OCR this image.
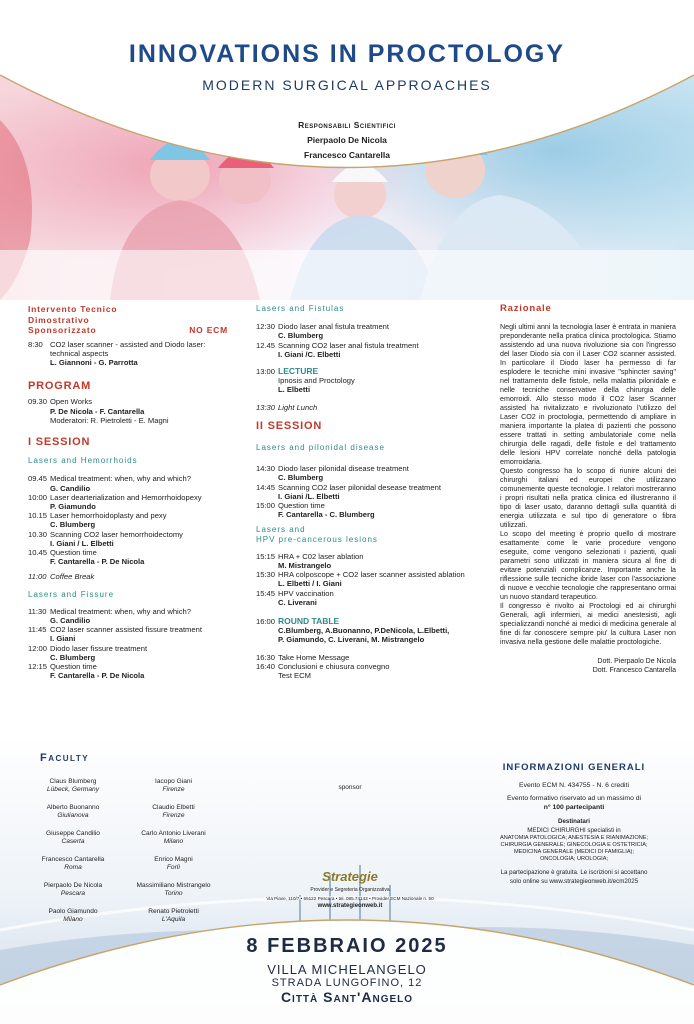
INNOVATIONS IN PROCTOLOGY
MODERN SURGICAL APPROACHES
Responsabili Scientifici
Pierpaolo De Nicola
Francesco Cantarella
Intervento Tecnico
Dimostrativo
Sponsorizzato	NO ECM
8:30 CO2 laser scanner - assisted and Diodo laser:
technical aspects
L. Giannoni - G. Parrotta
PROGRAM
09.30 Open Works
P. De Nicola - F. Cantarella
Moderatori: R. Pietroletti - E. Magni
I SESSION
Lasers and Hemorrhoids
09.45 Medical treatment: when, why and which?
G. Candilio
10:00 Laser dearterialization and Hemorrhoidopexy
P. Giamundo
10.15 Laser hemorrhoidoplasty and pexy
C. Blumberg
10.30 Scanning CO2 laser hemorrhoidectomy
I. Giani / L. Elbetti
10.45 Question time
F. Cantarella - P. De Nicola
11:00 Coffee Break
Lasers and Fissure
11:30 Medical treatment: when, why and which?
G. Candilio
11:45 CO2 laser scanner assisted fissure treatment
I. Giani
12:00 Diodo laser fissure treatment
C. Blumberg
12:15 Question time
F. Cantarella - P. De Nicola
Lasers and Fistulas
12:30 Diodo laser anal fistula treatment
C. Blumberg
12.45 Scanning CO2 laser anal fistula treatment
I. Giani /C. Elbetti
13:00 LECTURE
Ipnosis and Proctology
L. Elbetti
13:30 Light Lunch
II SESSION
Lasers and pilonidal disease
14:30 Diodo laser pilonidal disease treatment
C. Blumberg
14:45 Scanning CO2 laser pilonidal desease treatment
I. Giani /L. Elbetti
15:00 Question time
F. Cantarella - C. Blumberg
Lasers and
HPV pre-cancerous lesions
15:15 HRA + C02 laser ablation
M. Mistrangelo
15:30 HRA colposcope + CO2 laser scanner assisted ablation
L. Elbetti / I. Giani
15:45 HPV vaccination
C. Liverani
16:00 ROUND TABLE
C.Blumberg, A.Buonanno, P.DeNicola, L.Elbetti,
P. Giamundo, C. Liverani, M. Mistrangelo
16:30 Take Home Message
16:40 Conclusioni e chiusura convegno
Test ECM
Razionale
Negli ultimi anni la tecnologia laser è entrata in maniera preponderante nella pratica clinica proctologica. Stiamo assistendo ad una nuova rivoluzione sia con l'ingresso del laser Diodo sia con il Laser CO2 scanner assisted. In particolare il Diodo laser ha permesso di far esplodere le tecniche mini invasive "sphincter saving" nel trattamento delle fistole, nella malattia pilonidale e nelle tecniche conservative della chirurgia delle emorroidi. Allo stesso modo il CO2 laser Scanner assisted ha rivitalizzato e rivoluzionato l'utilizzo del Laser CO2 in proctologia, permettendo di ampliare in maniera importante la platea di pazienti che possono essere trattati in setting ambulatoriale come nella chirurgia delle ragadi, delle fistole e del trattamento delle lesioni HPV correlate nonché della patologia emorroidaria.
Questo congresso ha lo scopo di riunire alcuni dei chirurghi italiani ed europei che utilizzano comunemente queste tecnologie. I relatori mostreranno i propri risultati nella pratica clinica ed illustreranno il tipo di laser usato, daranno dettagli sulla quantità di energia utilizzata e sul tipo di generatore o fibra utilizzati.
Lo scopo del meeting è proprio quello di mostrare esattamente come le varie procedure vengono eseguite, come vengono selezionati i pazienti, quali parametri sono utilizzati in maniera sicura al fine di evitare potenziali complicanze. Importante anche la riflessione sulle tecniche ibride laser con l'associazione di nuove e vecchie tecnologie che rappresentano ormai un nuovo standard terapeutico.
Il congresso è rivolto ai Proctologi ed ai chirurghi Generali, agli infermieri, ai medici anestesisti, agli specializzandi nonché ai medici di medicina generale al fine di far conoscere sempre piu' la cultura Laser non invasiva nella gestione delle malattie proctologiche.
Dott. Pierpaolo De Nicola
Dott. Francesco Cantarella
Faculty
Claus Blumberg
Lübeck, Germany
Alberto Buonanno
Giulianova
Giuseppe Candilio
Caserta
Francesco Cantarella
Roma
Pierpaolo De Nicola
Pescara
Paolo Giamundo
Milano
Iacopo Giani
Firenze
Claudio Elbetti
Firenze
Carlo Antonio Liverani
Milano
Enrico Magni
Forlì
Massimiliano Mistrangelo
Torino
Renato Pietroletti
L'Aquila
sponsor
Strategie
Provider e Segreteria Organizzativa
Via Piave, 110/7 • 65122 Pescara • tel. 085.74143 • Provider ECM Nazionale n. 50
www.strategieonweb.it
INFORMAZIONI GENERALI
Evento ECM N. 434755 - N. 6 crediti
Evento formativo riservato ad un massimo di
n° 100 partecipanti
Destinatari
MEDICI CHIRURGHI specialisti in
ANATOMIA PATOLOGICA; ANESTESIA E RIANIMAZIONE;
CHIRURGIA GENERALE; GINECOLOGIA E OSTETRICIA;
MEDICINA GENERALE (MEDICI DI FAMIGLIA);
ONCOLOGIA; UROLOGIA;
La partecipazione è gratuita. Le iscrizioni si accettano
solo online su www.strategieonweb.it/ecm2025
8 FEBBRAIO 2025
VILLA MICHELANGELO
STRADA LUNGOFINO, 12
Città Sant'Angelo
